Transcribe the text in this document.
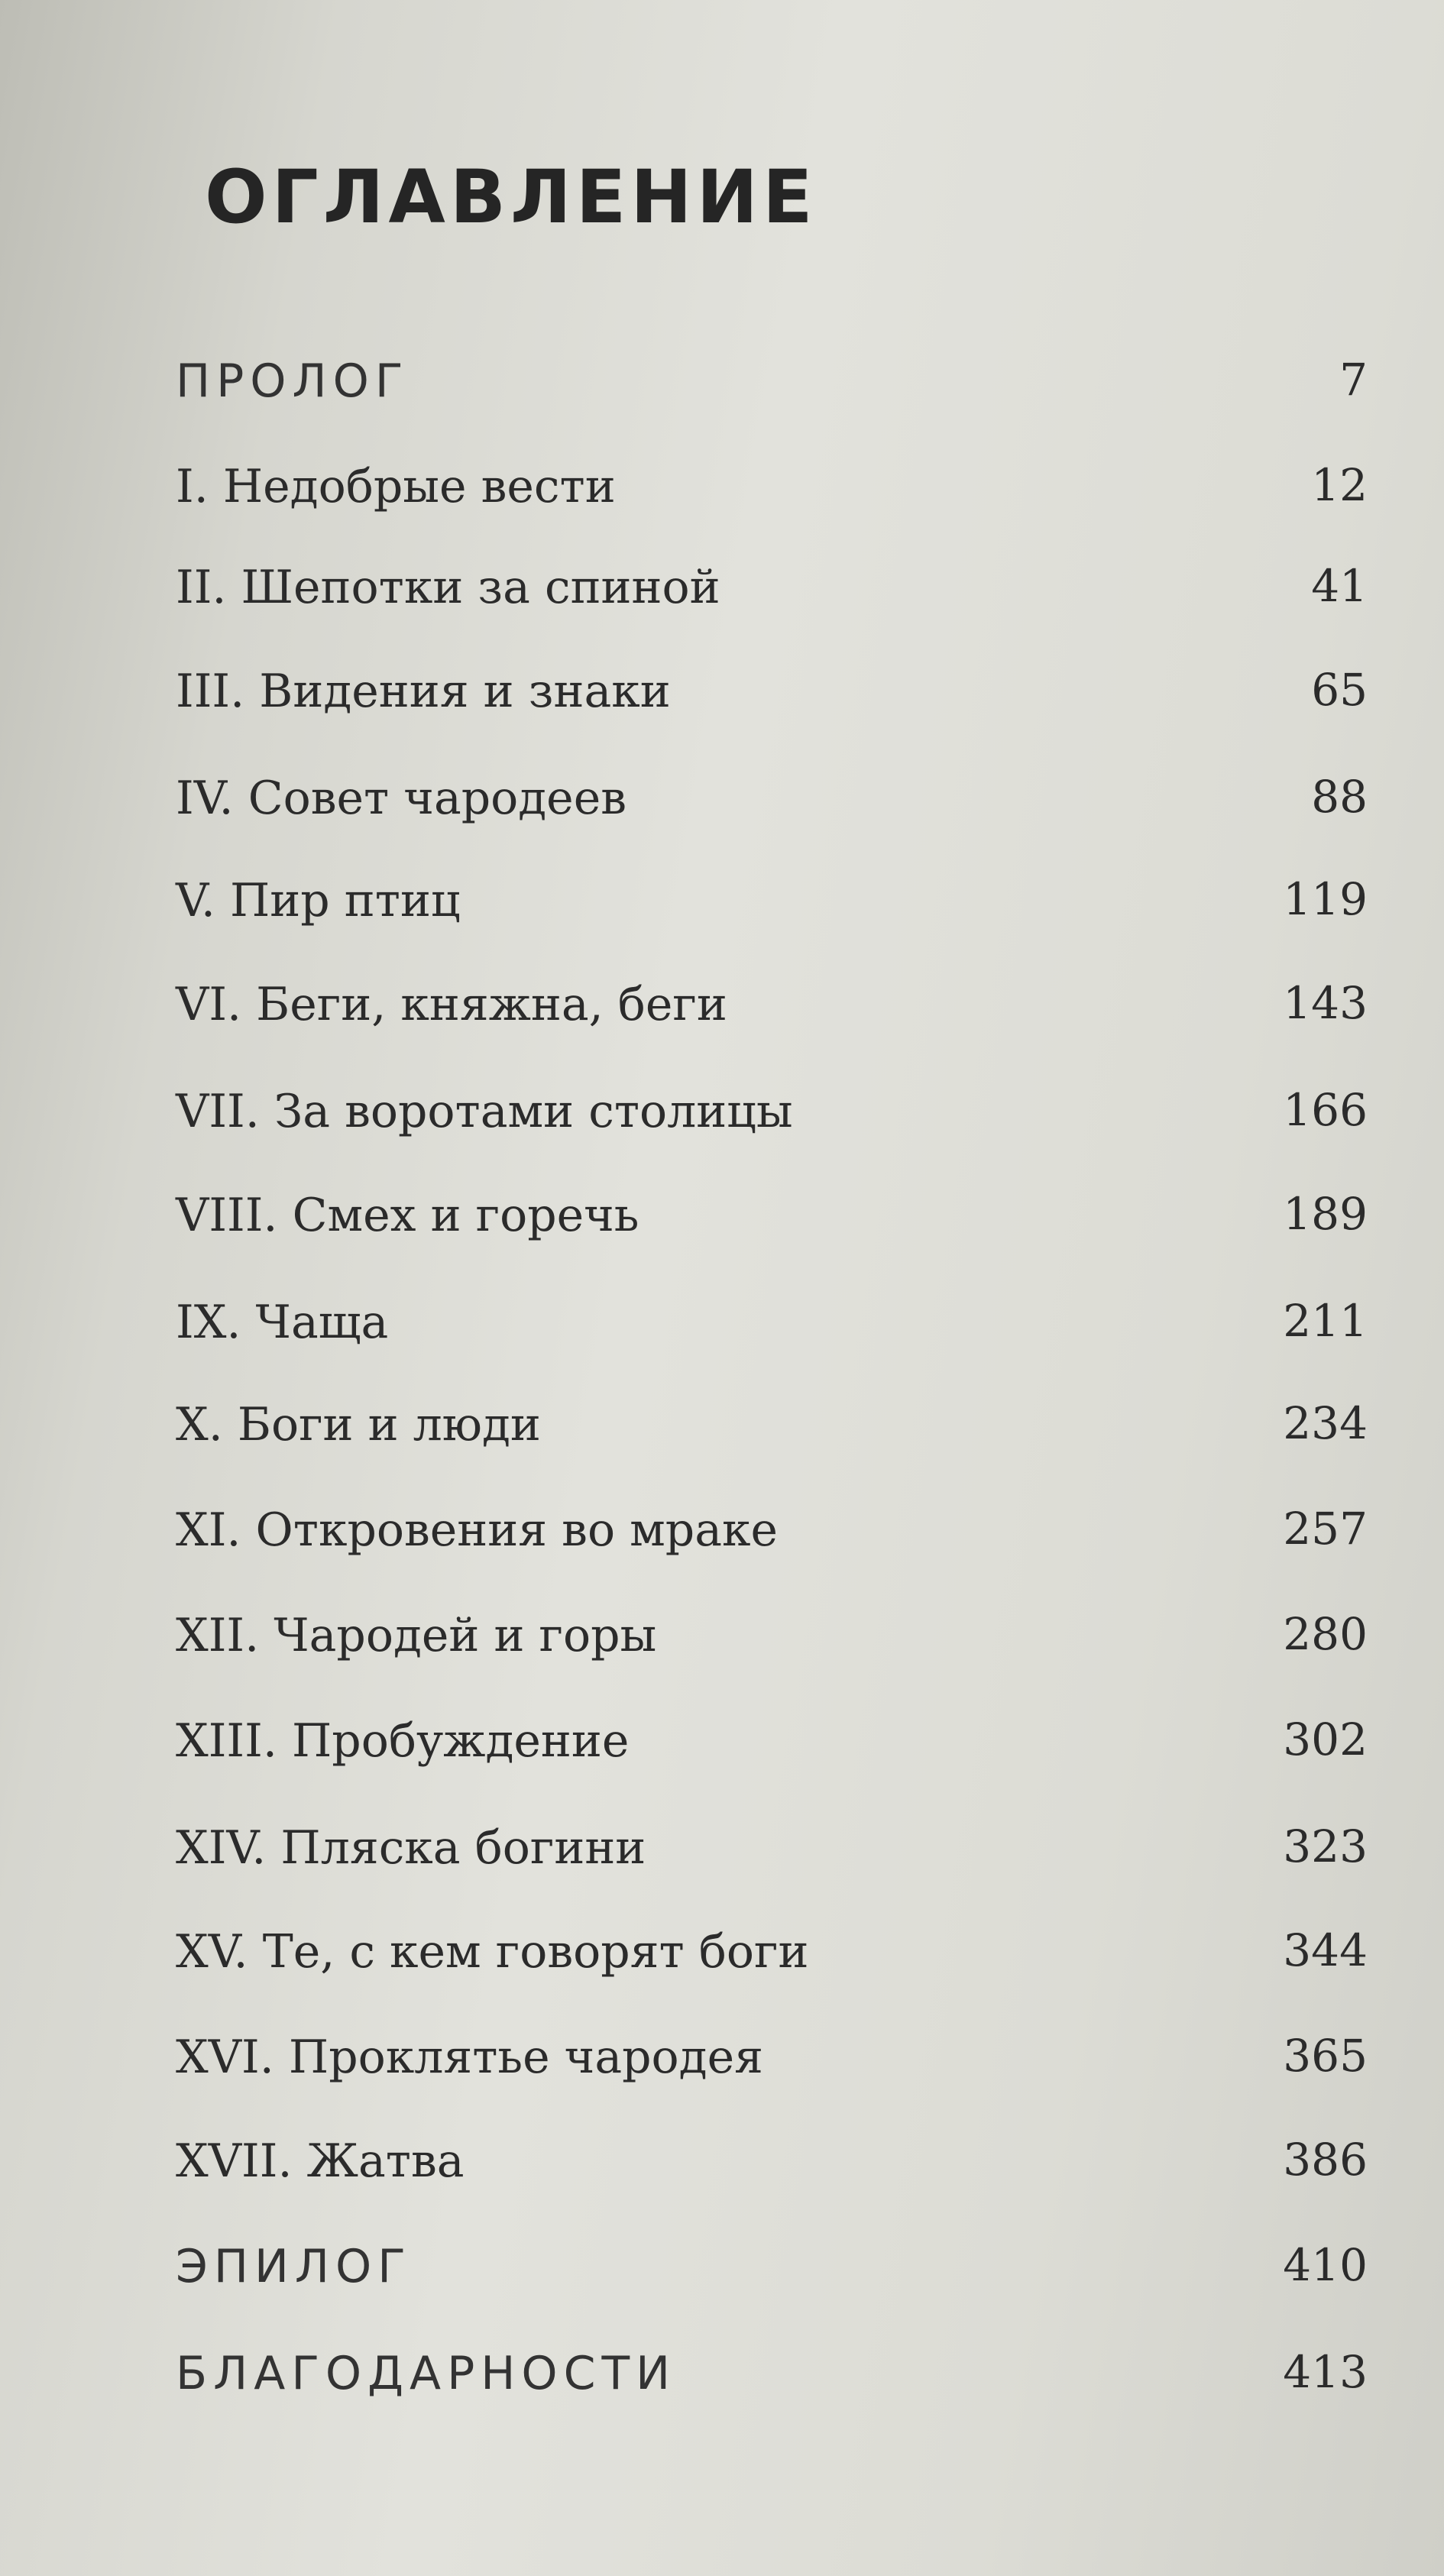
ОГЛАВЛЕНИЕ
ПРОЛОГ	7
I. Недобрые вести	12
II. Шепотки за спиной	41
III. Видения и знаки	65
IV. Совет чародеев	88
V. Пир птиц	119
VI. Беги, княжна, беги	143
VII. За воротами столицы	166
VIII. Смех и горечь	189
IX. Чаща	211
X. Боги и люди	234
XI. Откровения во мраке	257
XII. Чародей и горы	280
XIII. Пробуждение	302
XIV. Пляска богини	323
XV. Те, с кем говорят боги	344
XVI. Проклятье чародея	365
XVII. Жатва	386
ЭПИЛОГ	410
БЛАГОДАРНОСТИ	413
